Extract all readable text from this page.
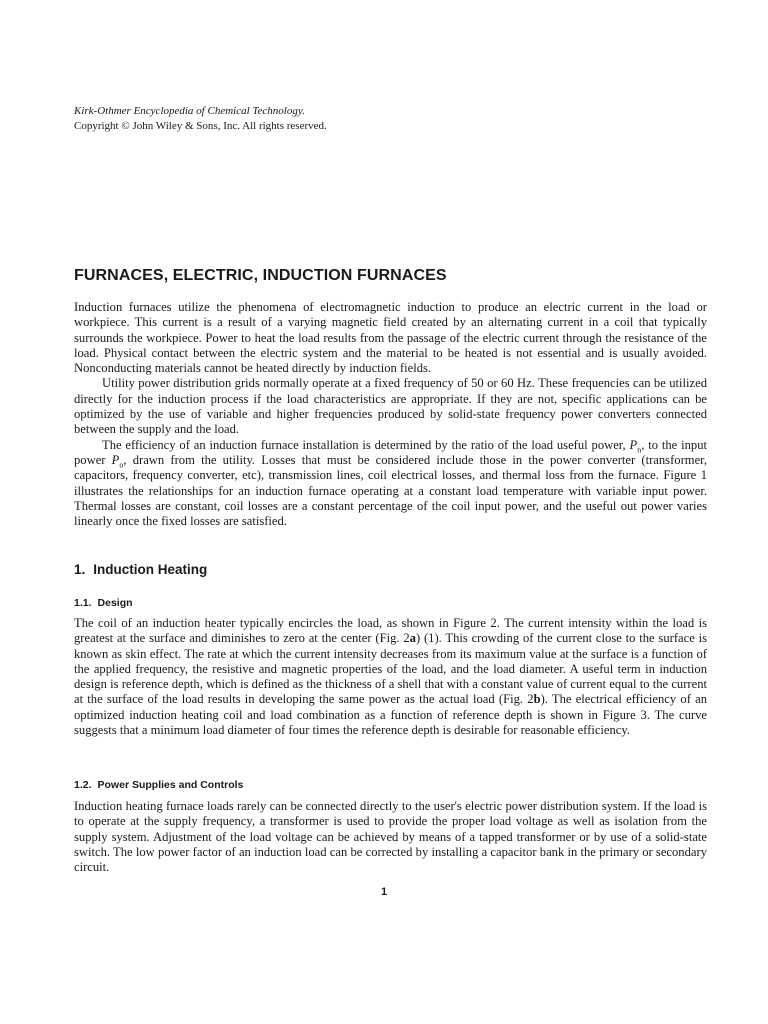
Kirk-Othmer Encyclopedia of Chemical Technology.
Copyright © John Wiley & Sons, Inc. All rights reserved.
FURNACES, ELECTRIC, INDUCTION FURNACES

Induction furnaces utilize the phenomena of electromagnetic induction to produce an electric current in the load or workpiece. This current is a result of a varying magnetic field created by an alternating current in a coil that typically surrounds the workpiece. Power to heat the load results from the passage of the electric current through the resistance of the load. Physical contact between the electric system and the material to be heated is not essential and is usually avoided. Nonconducting materials cannot be heated directly by induction fields.

Utility power distribution grids normally operate at a fixed frequency of 50 or 60 Hz. These frequencies can be utilized directly for the induction process if the load characteristics are appropriate. If they are not, specific applications can be optimized by the use of variable and higher frequencies produced by solid-state frequency power converters connected between the supply and the load.

The efficiency of an induction furnace installation is determined by the ratio of the load useful power, $P_n$, to the input power $P_o$, drawn from the utility. Losses that must be considered include those in the power converter (transformer, capacitors, frequency converter, etc), transmission lines, coil electrical losses, and thermal loss from the furnace. Figure 1 illustrates the relationships for an induction furnace operating at a constant load temperature with variable input power. Thermal losses are constant, coil losses are a constant percentage of the coil input power, and the useful out power varies linearly once the fixed losses are satisfied.

1. Induction Heating
1.1. Design

The coil of an induction heater typically encircles the load, as shown in Figure 2. The current intensity within the load is greatest at the surface and diminishes to zero at the center (Fig. 2a) (1). This crowding of the current close to the surface is known as skin effect. The rate at which the current intensity decreases from its maximum value at the surface is a function of the applied frequency, the resistive and magnetic properties of the load, and the load diameter. A useful term in induction design is reference depth, which is defined as the thickness of a shell that with a constant value of current equal to the current at the surface of the load results in developing the same power as the actual load (Fig. 2b). The electrical efficiency of an optimized induction heating coil and load combination as a function of reference depth is shown in Figure 3. The curve suggests that a minimum load diameter of four times the reference depth is desirable for reasonable efficiency.

1.2. Power Supplies and Controls

Induction heating furnace loads rarely can be connected directly to the user's electric power distribution system. If the load is to operate at the supply frequency, a transformer is used to provide the proper load voltage as well as isolation from the supply system. Adjustment of the load voltage can be achieved by means of a tapped transformer or by use of a solid-state switch. The low power factor of an induction load can be corrected by installing a capacitor bank in the primary or secondary circuit.

1
